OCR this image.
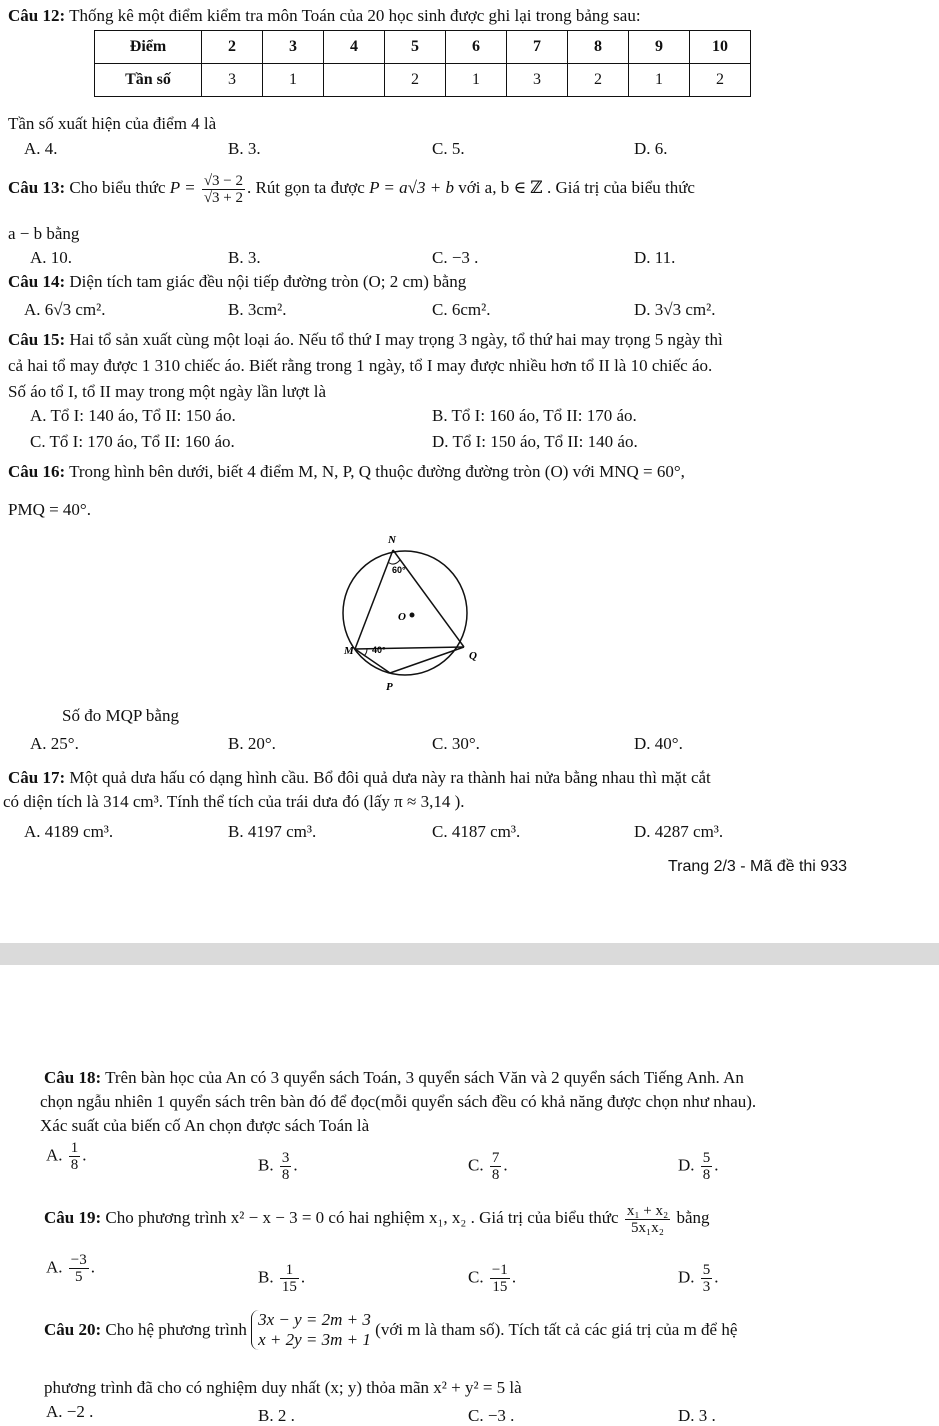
Câu 12: Thống kê một điểm kiểm tra môn Toán của 20 học sinh được ghi lại trong bảng sau:
Điểm	2	3	4	5	6	7	8	9	10
Tần số	3	1		2	1	3	2	1	2
Tần số xuất hiện của điểm 4 là
A. 4.	B. 3.	C. 5.	D. 6.
Câu 13: Cho biểu thức $P = \frac{√3 - 2}{√3 + 2}$ . Rút gọn ta được P = a√3 + b với a, b ∈ ℤ . Giá trị của biểu thức
a − b bằng
A. 10.	B. 3.	C. −3 .	D. 11.
Câu 14: Diện tích tam giác đều nội tiếp đường tròn (O; 2 cm) bằng
A. 6√3 cm².	B. 3cm².	C. 6cm².	D. 3√3 cm².
Câu 15: Hai tổ sản xuất cùng một loại áo. Nếu tổ thứ I may trọng 3 ngày, tổ thứ hai may trọng 5 ngày thì
cả hai tổ may được 1 310 chiếc áo. Biết rằng trong 1 ngày, tổ I may được nhiều hơn tổ II là 10 chiếc áo.
Số áo tổ I, tổ II may trong một ngày lần lượt là
A. Tổ I: 140 áo, Tổ II: 150 áo.	B. Tổ I: 160 áo, Tổ II: 170 áo.
C. Tổ I: 170 áo, Tổ II: 160 áo.	D. Tổ I: 150 áo, Tổ II: 140 áo.
Câu 16: Trong hình bên dưới, biết 4 điểm M, N, P, Q thuộc đường đường tròn (O) với MNQ = 60°,
PMQ = 40°.
N
60°
O
M 40°	Q
P
Số đo MQP bằng
A. 25°.	B. 20°.	C. 30°.	D. 40°.
Câu 17: Một quả dưa hấu có dạng hình cầu. Bổ đôi quả dưa này ra thành hai nửa bằng nhau thì mặt cắt
có diện tích là 314 cm³. Tính thể tích của trái dưa đó (lấy π ≈ 3,14 ).
A. 4189 cm³.	B. 4197 cm³.	C. 4187 cm³.	D. 4287 cm³.
Trang 2/3 - Mã đề thi 933
Câu 18: Trên bàn học của An có 3 quyển sách Toán, 3 quyển sách Văn và 2 quyển sách Tiếng Anh. An
chọn ngẫu nhiên 1 quyển sách trên bàn đó để đọc(mỗi quyển sách đều có khả năng được chọn như nhau).
Xác suất của biến cố An chọn được sách Toán là
A. $\frac{1}{8}$ .
B. $\frac{3}{8}$ .	C. $\frac{7}{8}$ .	D. $\frac{5}{8}$ .
Câu 19: Cho phương trình x² − x − 3 = 0 có hai nghiệm x₁, x₂ . Giá trị của biểu thức $\frac{\text{x₁ + x₂}}{\text{5x₁x₂}}$ bằng
A. $\frac{-3}{5}$ .
B. $\frac{1}{15}$ .	C. $\frac{-1}{15}$ .	D. $\frac{5}{3}$ .
Câu 20: Cho hệ phương trình
3x − y = 2m + 3
x + 2y = 3m + 1
(với m là tham số). Tích tất cả các giá trị của m để hệ
phương trình đã cho có nghiệm duy nhất (x; y) thỏa mãn x² + y² = 5 là
A. −2 .	B. 2 .	C. −3 .	D. 3 .
